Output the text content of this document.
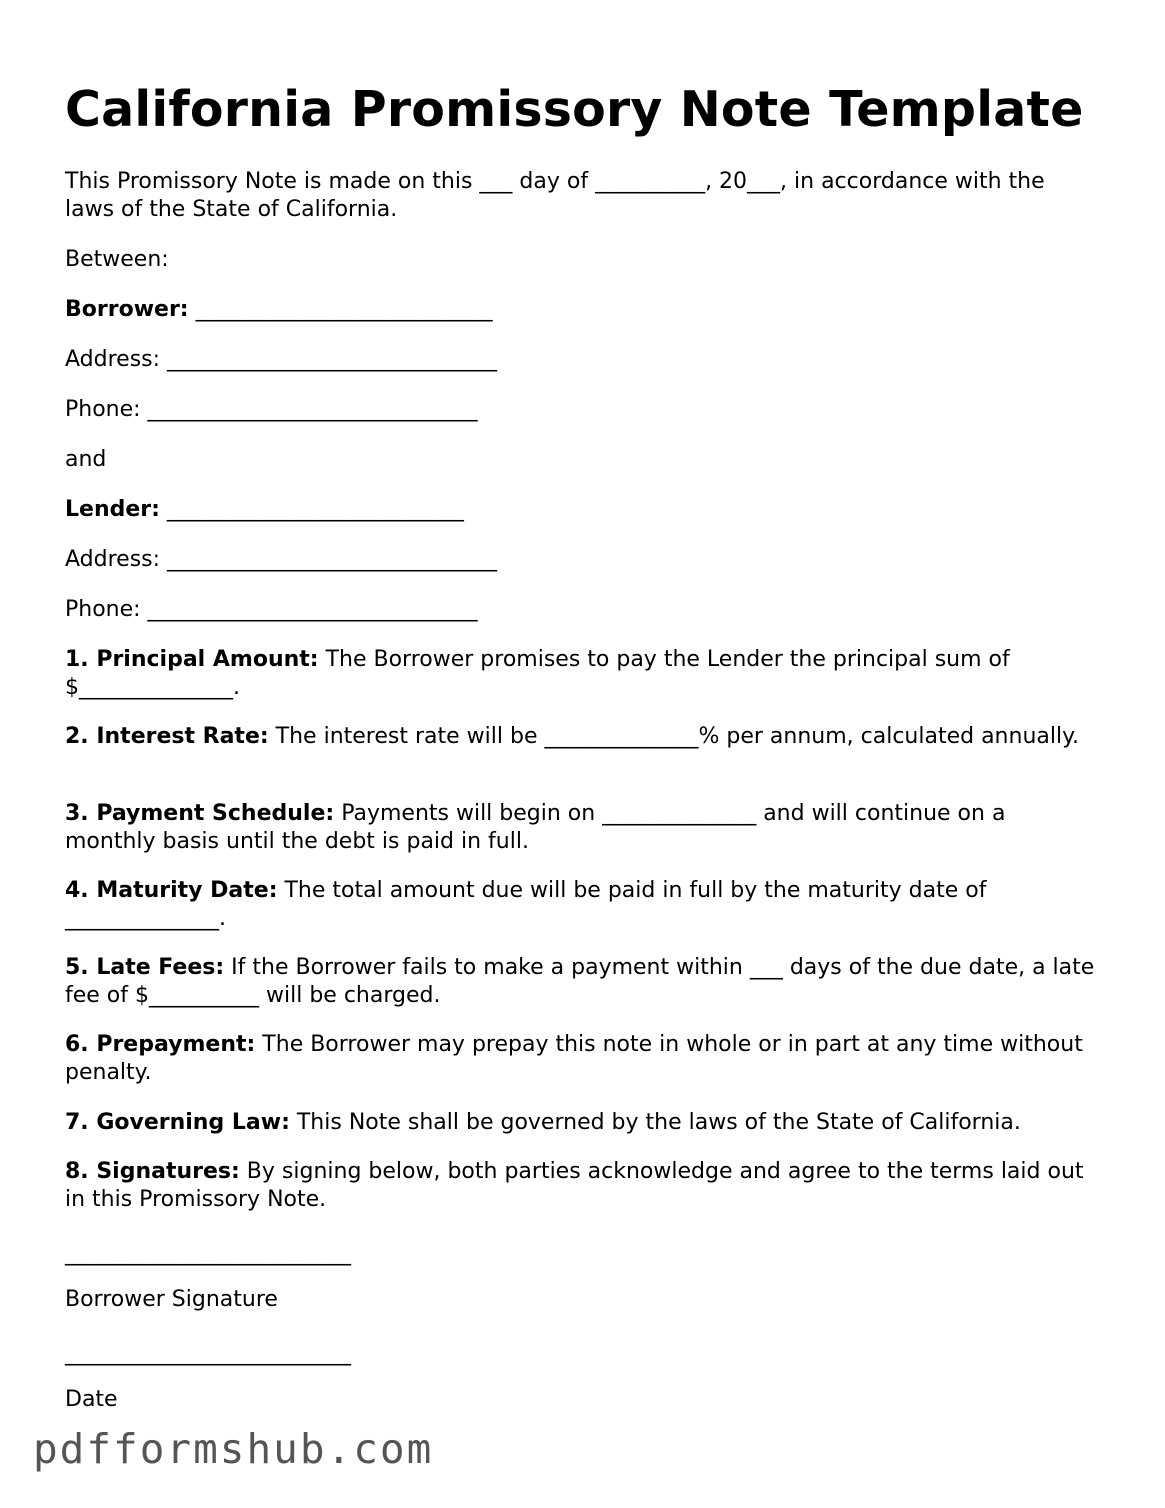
California Promissory Note Template

This Promissory Note is made on this ___ day of __________, 20___, in accordance with the laws of the State of California.

Between:

Borrower: ___________________________

Address: ______________________________

Phone: ______________________________

and

Lender: ___________________________

Address: ______________________________

Phone: ______________________________

1. Principal Amount: The Borrower promises to pay the Lender the principal sum of $______________.

2. Interest Rate: The interest rate will be ______________% per annum, calculated annually.

3. Payment Schedule: Payments will begin on ______________ and will continue on a monthly basis until the debt is paid in full.

4. Maturity Date: The total amount due will be paid in full by the maturity date of ______________.

5. Late Fees: If the Borrower fails to make a payment within ___ days of the due date, a late fee of $__________ will be charged.

6. Prepayment: The Borrower may prepay this note in whole or in part at any time without penalty.

7. Governing Law: This Note shall be governed by the laws of the State of California.

8. Signatures: By signing below, both parties acknowledge and agree to the terms laid out in this Promissory Note.

__________________________

Borrower Signature

__________________________

Date

pdfformshub.com
